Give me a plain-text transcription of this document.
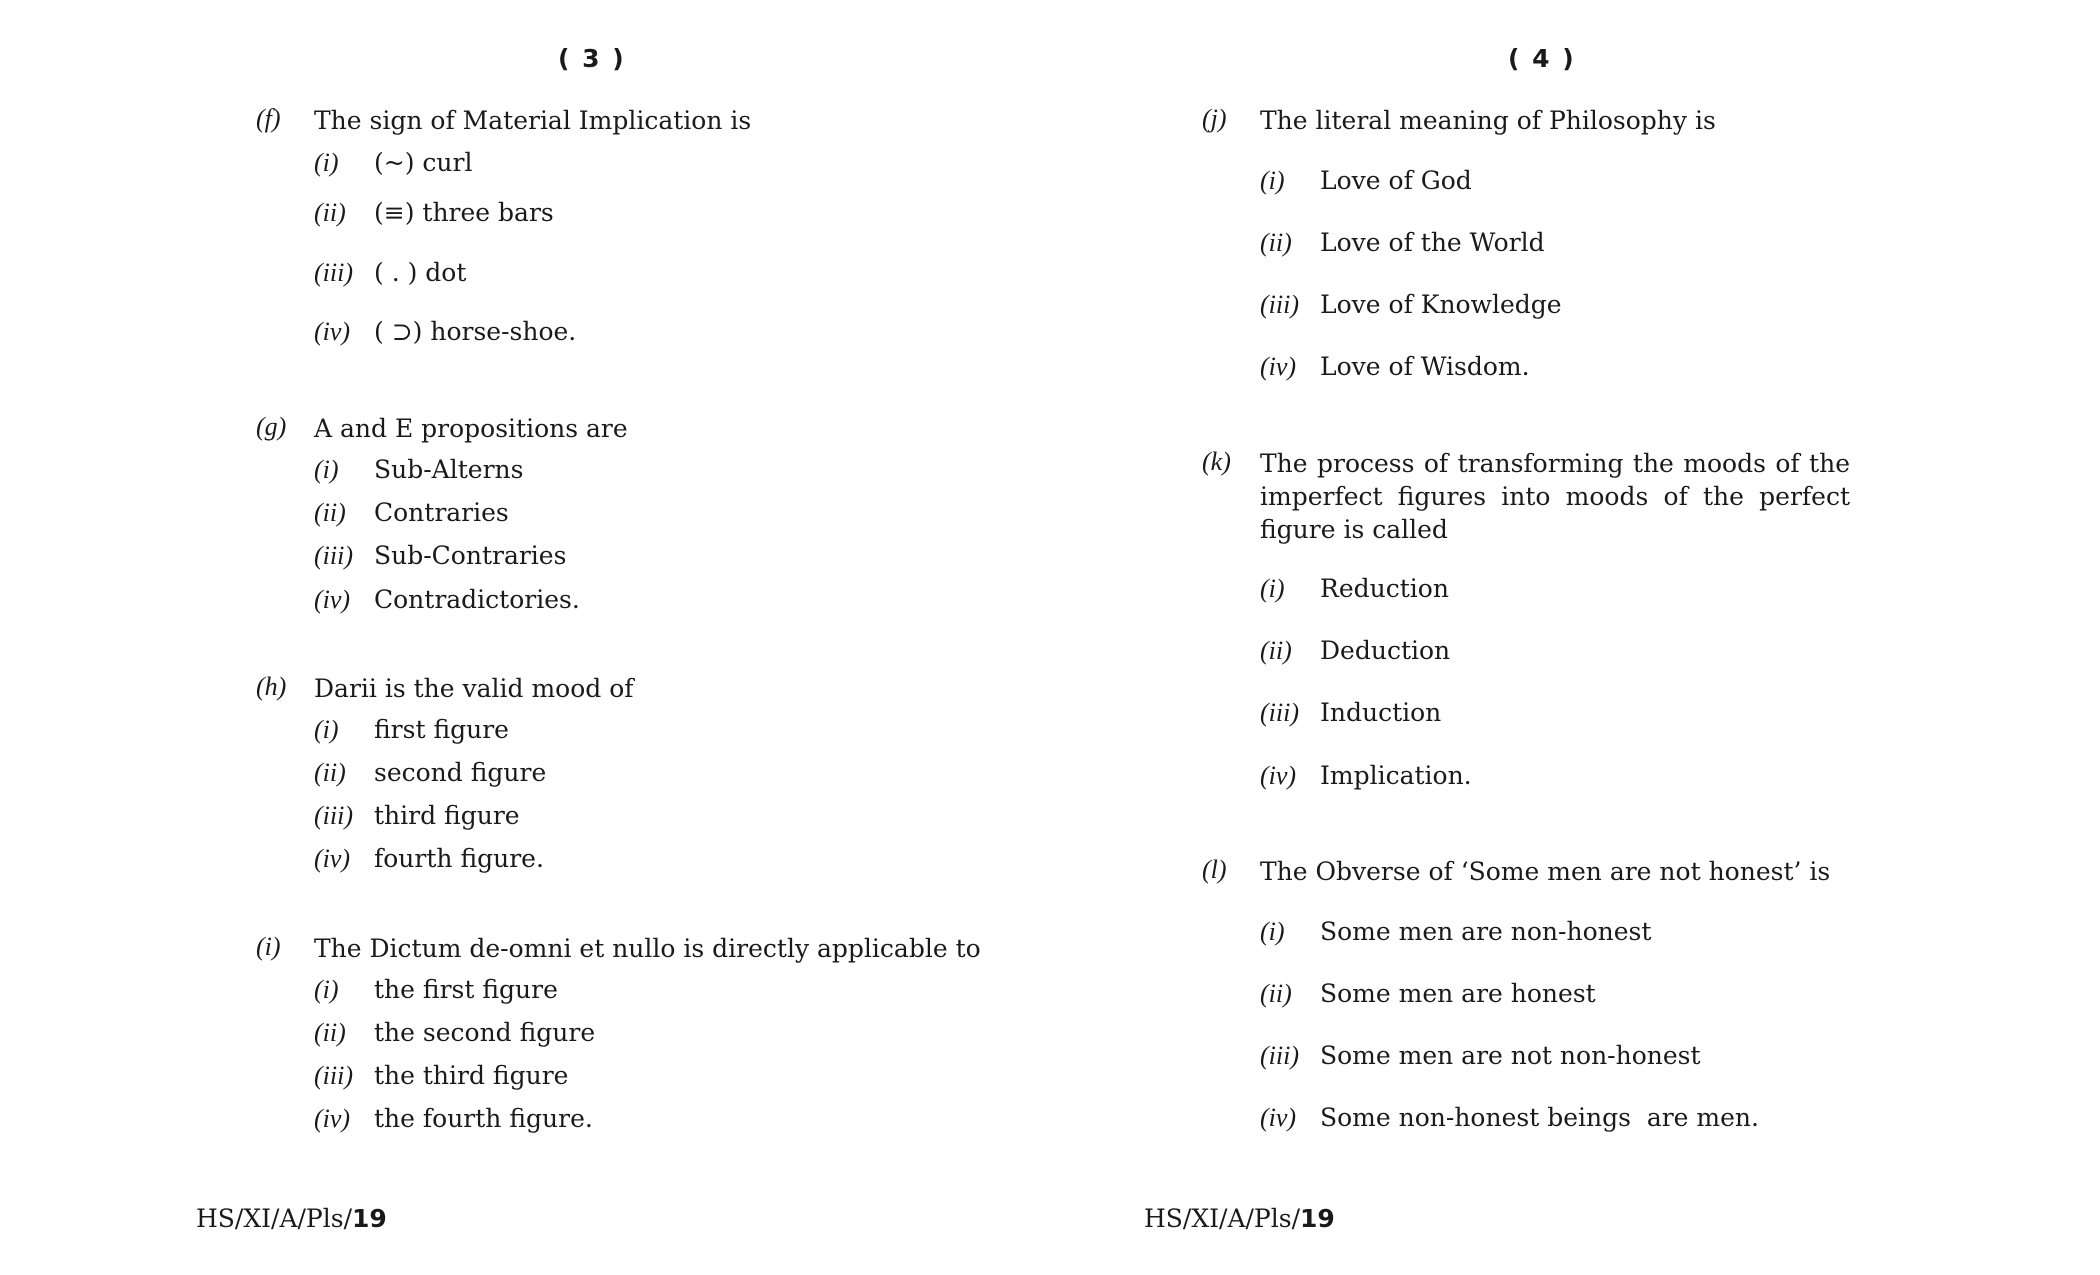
( 3 )
(f) The sign of Material Implication is
(i) (~) curl
(ii) (≡) three bars
(iii) ( . ) dot
(iv) ( ⊃) horse-shoe.
(g) A and E propositions are
(i) Sub-Alterns
(ii) Contraries
(iii) Sub-Contraries
(iv) Contradictories.
(h) Darii is the valid mood of
(i) first figure
(ii) second figure
(iii) third figure
(iv) fourth figure.
(i) The Dictum de-omni et nullo is directly applicable to
(i) the first figure
(ii) the second figure
(iii) the third figure
(iv) the fourth figure.
HS/XI/A/Pls/19
( 4 )
(j) The literal meaning of Philosophy is
(i) Love of God
(ii) Love of the World
(iii) Love of Knowledge
(iv) Love of Wisdom.
(k) The process of transforming the moods of the imperfect figures into moods of the perfect figure is called
(i) Reduction
(ii) Deduction
(iii) Induction
(iv) Implication.
(l) The Obverse of ‘Some men are not honest’ is
(i) Some men are non-honest
(ii) Some men are honest
(iii) Some men are not non-honest
(iv) Some non-honest beings  are men.
HS/XI/A/Pls/19
